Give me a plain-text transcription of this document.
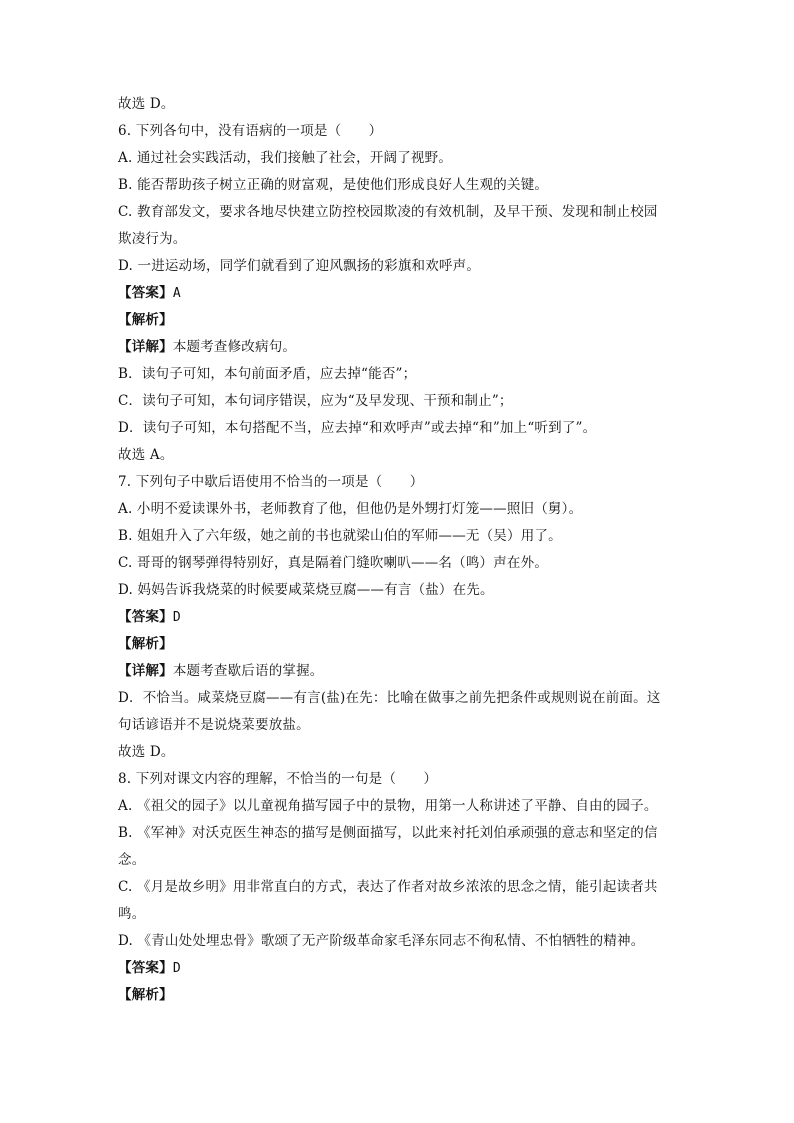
故选 D。
6. 下列各句中，没有语病的一项是（　　）
A. 通过社会实践活动，我们接触了社会，开阔了视野。
B. 能否帮助孩子树立正确的财富观，是使他们形成良好人生观的关键。
C. 教育部发文，要求各地尽快建立防控校园欺凌的有效机制，及早干预、发现和制止校园
欺凌行为。
D. 一进运动场，同学们就看到了迎风飘扬的彩旗和欢呼声。
【答案】A
【解析】
【详解】本题考查修改病句。
B．读句子可知，本句前面矛盾，应去掉“能否”；
C．读句子可知，本句词序错误，应为“及早发现、干预和制止”；
D．读句子可知，本句搭配不当，应去掉“和欢呼声”或去掉“和”加上“听到了”。
故选 A。
7. 下列句子中歇后语使用不恰当的一项是（　　）
A. 小明不爱读课外书，老师教育了他，但他仍是外甥打灯笼——照旧（舅）。
B. 姐姐升入了六年级，她之前的书也就梁山伯的军师——无（吴）用了。
C. 哥哥的钢琴弹得特别好，真是隔着门缝吹喇叭——名（鸣）声在外。
D. 妈妈告诉我烧菜的时候要咸菜烧豆腐——有言（盐）在先。
【答案】D
【解析】
【详解】本题考查歇后语的掌握。
D．不恰当。咸菜烧豆腐——有言(盐)在先：比喻在做事之前先把条件或规则说在前面。这
句话谚语并不是说烧菜要放盐。
故选 D。
8. 下列对课文内容的理解，不恰当的一句是（　　）
A. 《祖父的园子》以儿童视角描写园子中的景物，用第一人称讲述了平静、自由的园子。
B. 《军神》对沃克医生神态的描写是侧面描写，以此来衬托刘伯承顽强的意志和坚定的信
念。
C. 《月是故乡明》用非常直白的方式，表达了作者对故乡浓浓的思念之情，能引起读者共
鸣。
D. 《青山处处埋忠骨》歌颂了无产阶级革命家毛泽东同志不徇私情、不怕牺牲的精神。
【答案】D
【解析】
